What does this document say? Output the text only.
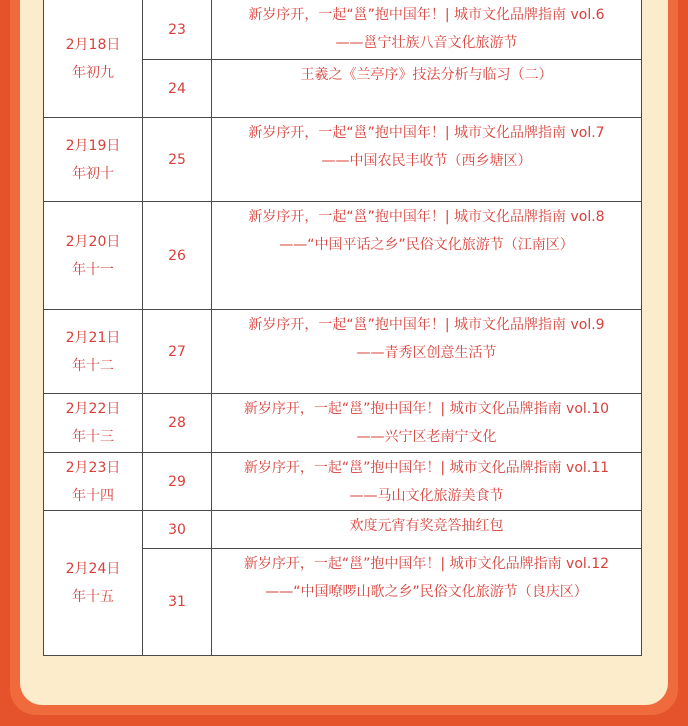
2月18日
年初九	23	新岁序开，一起“邕”抱中国年！| 城市文化品牌指南 vol.6
——邕宁壮族八音文化旅游节

	24	王羲之《兰亭序》技法分析与临习（二）

2月19日
年初十	25	新岁序开，一起“邕”抱中国年！| 城市文化品牌指南 vol.7
——中国农民丰收节（西乡塘区）

2月20日
年十一	26	新岁序开，一起“邕”抱中国年！| 城市文化品牌指南 vol.8
——“中国平话之乡”民俗文化旅游节（江南区）

2月21日
年十二	27	新岁序开，一起“邕”抱中国年！| 城市文化品牌指南 vol.9
——青秀区创意生活节

2月22日
年十三	28	新岁序开，一起“邕”抱中国年！| 城市文化品牌指南 vol.10
——兴宁区老南宁文化

2月23日
年十四	29	新岁序开，一起“邕”抱中国年！| 城市文化品牌指南 vol.11
——马山文化旅游美食节

2月24日
年十五	30	欢度元宵有奖竞答抽红包

	31	新岁序开，一起“邕”抱中国年！| 城市文化品牌指南 vol.12
——“中国嘹啰山歌之乡”民俗文化旅游节（良庆区）
